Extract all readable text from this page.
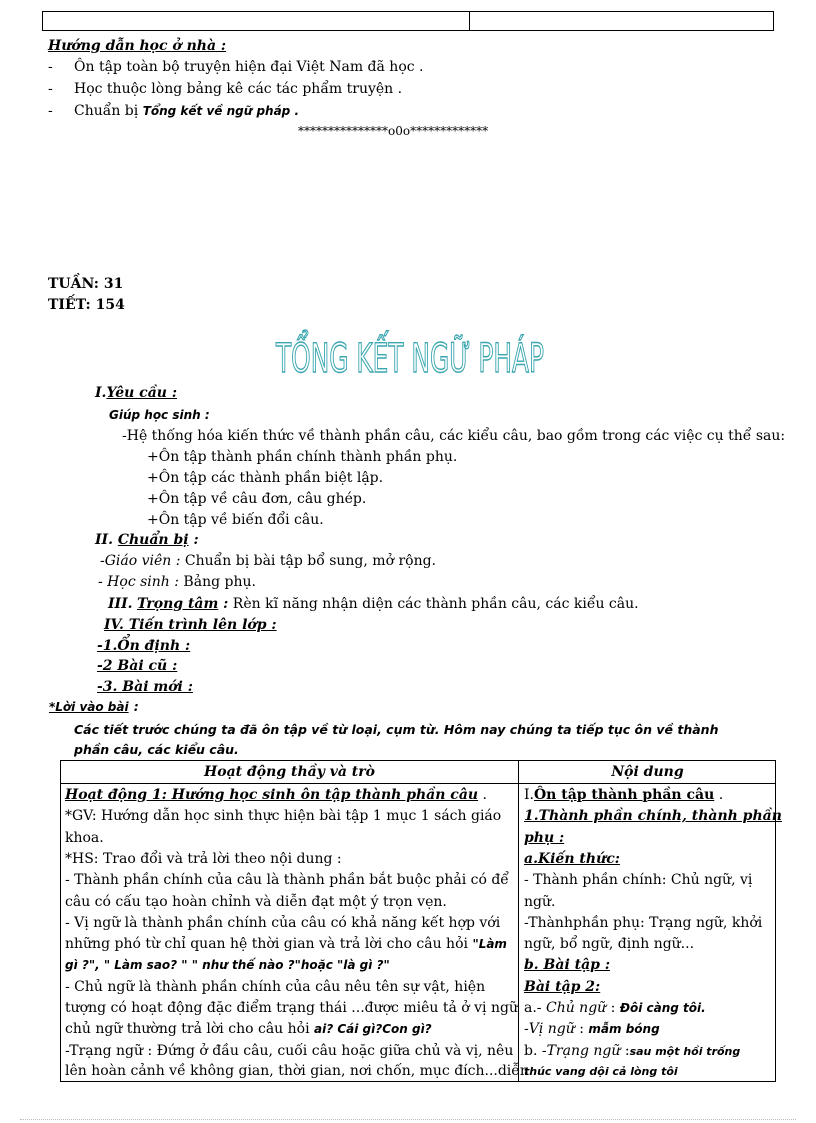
Hướng dẫn học ở nhà :
- Ôn tập toàn bộ truyện hiện đại Việt Nam đã học .
- Học thuộc lòng bảng kê các tác phẩm truyện .
- Chuẩn bị Tổng kết về ngữ pháp .
***************o0o*************
TUẦN: 31
TIẾT: 154
TỔNG KẾT NGỮ PHÁP
I.Yêu cầu :
Giúp học sinh :
-Hệ thống hóa kiến thức về thành phần câu, các kiểu câu, bao gồm trong các việc cụ thể sau:
+Ôn tập thành phần chính thành phần phụ.
+Ôn tập các thành phần biệt lập.
+Ôn tập về câu đơn, câu ghép.
+Ôn tập về biến đổi câu.
II. Chuẩn bị :
-Giáo viên : Chuẩn bị bài tập bổ sung, mở rộng.
- Học sinh : Bảng phụ.
III. Trọng tâm : Rèn kĩ năng nhận diện các thành phần câu, các kiểu câu.
IV. Tiến trình lên lớp :
-1.Ổn định :
-2 Bài cũ :
-3. Bài mới :
*Lời vào bài :
Các tiết trước chúng ta đã ôn tập về từ loại, cụm từ. Hôm nay chúng ta tiếp tục ôn về thành
phần câu, các kiểu câu.
Hoạt động thầy và trò	Nội dung
Hoạt động 1: Hướng học sinh ôn tập thành phần câu .
*GV: Hướng dẫn học sinh thực hiện bài tập 1 mục 1 sách giáo
khoa.
*HS: Trao đổi và trả lời theo nội dung :
- Thành phần chính của câu là thành phần bắt buộc phải có để
câu có cấu tạo hoàn chỉnh và diễn đạt một ý trọn vẹn.
- Vị ngữ là thành phần chính của câu có khả năng kết hợp với
những phó từ chỉ quan hệ thời gian và trả lời cho câu hỏi "Làm
gì ?", " Làm sao? " " như thế nào ?"hoặc "là gì ?"
- Chủ ngữ là thành phần chính của câu nêu tên sự vật, hiện
tượng có hoạt động đặc điểm trạng thái ...được miêu tả ở vị ngữ
chủ ngữ thường trả lời cho câu hỏi ai? Cái gì?Con gì?
-Trạng ngữ : Đứng ở đầu câu, cuối câu hoặc giữa chủ và vị, nêu
lên hoàn cảnh về không gian, thời gian, nơi chốn, mục đích...diễn
I.Ôn tập thành phần câu .
1.Thành phần chính, thành phần
phụ :
a.Kiến thức:
- Thành phần chính: Chủ ngữ, vị
ngữ.
-Thànhphần phụ: Trạng ngữ, khởi
ngữ, bổ ngữ, định ngữ...
b. Bài tập :
Bài tập 2:
a.- Chủ ngữ : Đôi càng tôi.
-Vị ngữ : mẫm bóng
b. -Trạng ngữ :sau một hồi trống
thúc vang dội cả lòng tôi
